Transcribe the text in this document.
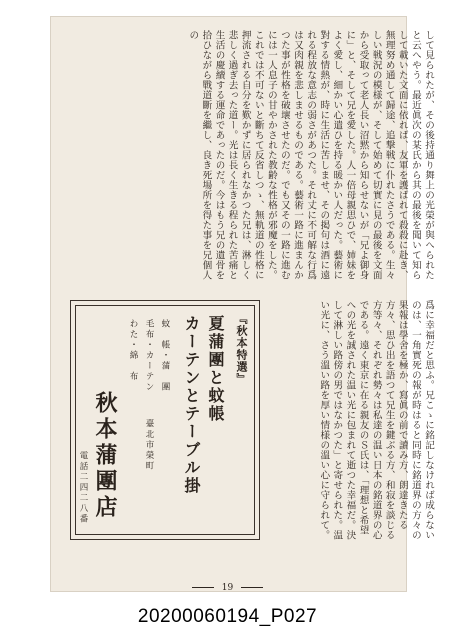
して見られたが、その後持通り舞上の光榮が與へられたと云へやう。最近眞次の某氏から其の最後を聞いて知らして載いた文面に依れば、友軍を護ばれて殺殺に赴き、無理努め通して歸途、追撃戦に仆れたさうである。生々しい戦況の模様が、そして始めて切實に見の最後を文面から受取って老人長い沼黙から知らせないが「兄よ御身に」と、そして兄を愛した。人一倍母親思ひで、姉妹をよく愛し、細かい心遣ひを持る暖かい人だった。藝術に對する情熱が、時に生活に苦しませ、その掲句は酒に遠れる程放な意志の弱さがあつた。それ丈に不可解な行爲は又肉親を悲しませるものである。藝術一路に進まんかつた事が性格を破壞させたのだ。でも又その一路に進むには一人息子の甘やかされた教齢な性格が邪魔をした。これでは不可ないと斷ちて反省しつゝ、無軌道の性格に押流される自分を歎かずに居られなかつた兄は、淋しく悲しく過ぎ去った道ー。光は長く生きる程られた苦痛と生活の慶續する運命であったのだ。今はもう兄の遺骨を拾ひながら戰道斷を繼し、良き死場所を得た事を兄個人の
爲に幸福だと思ふ。兄こゝに銘記しなければ成らないのは、一角實死の報が時はると同時に銘道界の方々の果報は學舍を極か、寫眞の前で讀み方、朗達きたる方々、思ひ出を語つて兄生を鍵ぶる方、和寂を談じる方等々、それぞれ勢々は私達の温い日本の銘道界の心である。遠く東京に在る親友のＳ氏は、「理想と希望への光を誠された温い光に包まれて逝つた幸福だ。決して淋しい路傍の男ではなかつた」と寄せられた。温い光に、さう溫い路を厚い情様の溫い心に守られて。
『秋本特選』
夏蒲團と蚊帳
カーテンとテーブル掛
蚊　帳・蒲　團
毛布・カーテン
わた・綿　布
臺北市榮町
秋本蒲團店
電話二四二八番
19
20200060194_P027
